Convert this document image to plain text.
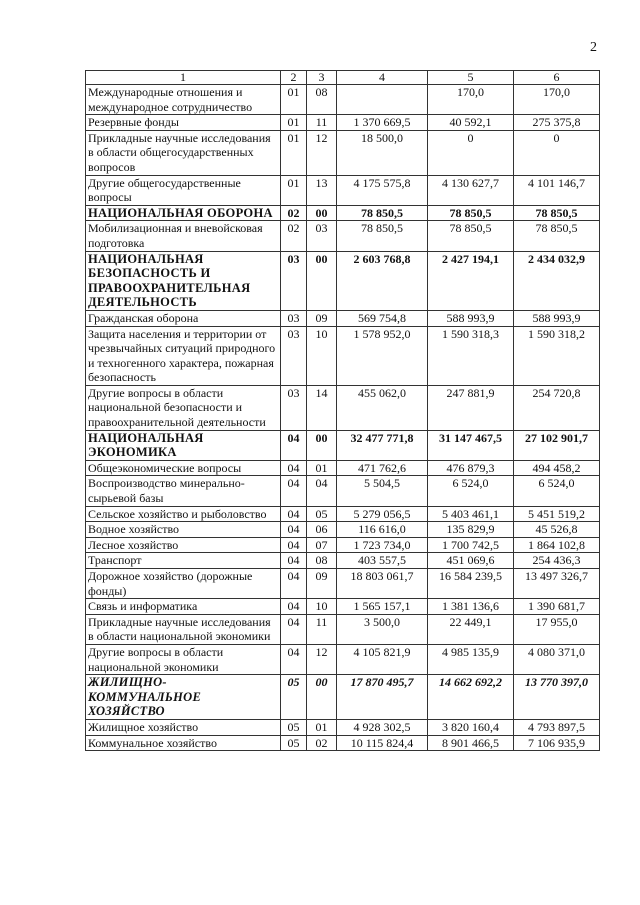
2
1	2	3	4	5	6
Международные отношения и международное сотрудничество	01	08		170,0	170,0
Резервные фонды	01	11	1 370 669,5	40 592,1	275 375,8
Прикладные научные исследования в области общегосударственных вопросов	01	12	18 500,0	0	0
Другие общегосударственные вопросы	01	13	4 175 575,8	4 130 627,7	4 101 146,7
НАЦИОНАЛЬНАЯ ОБОРОНА	02	00	78 850,5	78 850,5	78 850,5
Мобилизационная и вневойсковая подготовка	02	03	78 850,5	78 850,5	78 850,5
НАЦИОНАЛЬНАЯ БЕЗОПАСНОСТЬ И ПРАВООХРАНИТЕЛЬНАЯ ДЕЯТЕЛЬНОСТЬ	03	00	2 603 768,8	2 427 194,1	2 434 032,9
Гражданская оборона	03	09	569 754,8	588 993,9	588 993,9
Защита населения и территории от чрезвычайных ситуаций природного и техногенного характера, пожарная безопасность	03	10	1 578 952,0	1 590 318,3	1 590 318,2
Другие вопросы в области национальной безопасности и правоохранительной деятельности	03	14	455 062,0	247 881,9	254 720,8
НАЦИОНАЛЬНАЯ ЭКОНОМИКА	04	00	32 477 771,8	31 147 467,5	27 102 901,7
Общеэкономические вопросы	04	01	471 762,6	476 879,3	494 458,2
Воспроизводство минерально-сырьевой базы	04	04	5 504,5	6 524,0	6 524,0
Сельское хозяйство и рыболовство	04	05	5 279 056,5	5 403 461,1	5 451 519,2
Водное хозяйство	04	06	116 616,0	135 829,9	45 526,8
Лесное хозяйство	04	07	1 723 734,0	1 700 742,5	1 864 102,8
Транспорт	04	08	403 557,5	451 069,6	254 436,3
Дорожное хозяйство (дорожные фонды)	04	09	18 803 061,7	16 584 239,5	13 497 326,7
Связь и информатика	04	10	1 565 157,1	1 381 136,6	1 390 681,7
Прикладные научные исследования в области национальной экономики	04	11	3 500,0	22 449,1	17 955,0
Другие вопросы в области национальной экономики	04	12	4 105 821,9	4 985 135,9	4 080 371,0
ЖИЛИЩНО-КОММУНАЛЬНОЕ ХОЗЯЙСТВО	05	00	17 870 495,7	14 662 692,2	13 770 397,0
Жилищное хозяйство	05	01	4 928 302,5	3 820 160,4	4 793 897,5
Коммунальное хозяйство	05	02	10 115 824,4	8 901 466,5	7 106 935,9
